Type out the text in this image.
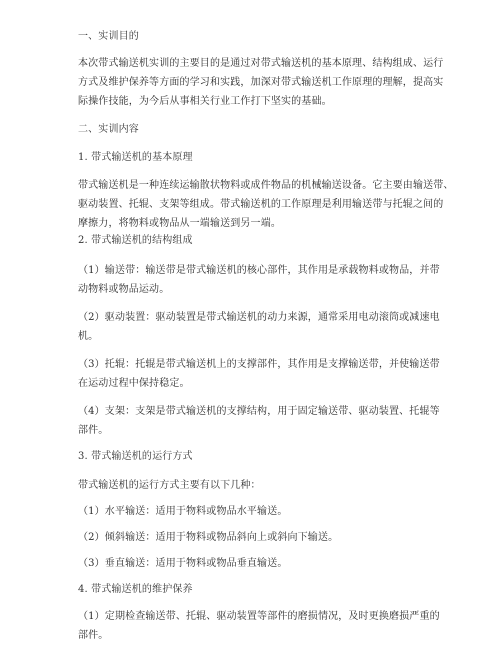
一、实训目的

本次带式输送机实训的主要目的是通过对带式输送机的基本原理、结构组成、运行

方式及维护保养等方面的学习和实践，加深对带式输送机工作原理的理解，提高实

际操作技能，为今后从事相关行业工作打下坚实的基础。

二、实训内容

1. 带式输送机的基本原理

带式输送机是一种连续运输散状物料或成件物品的机械输送设备。它主要由输送带、

驱动装置、托辊、支架等组成。带式输送机的工作原理是利用输送带与托辊之间的

摩擦力，将物料或物品从一端输送到另一端。

2. 带式输送机的结构组成

（1）输送带：输送带是带式输送机的核心部件，其作用是承载物料或物品，并带

动物料或物品运动。

（2）驱动装置：驱动装置是带式输送机的动力来源，通常采用电动滚筒或减速电

机。

（3）托辊：托辊是带式输送机上的支撑部件，其作用是支撑输送带，并使输送带

在运动过程中保持稳定。

（4）支架：支架是带式输送机的支撑结构，用于固定输送带、驱动装置、托辊等

部件。

3. 带式输送机的运行方式

带式输送机的运行方式主要有以下几种：

（1）水平输送：适用于物料或物品水平输送。

（2）倾斜输送：适用于物料或物品斜向上或斜向下输送。

（3）垂直输送：适用于物料或物品垂直输送。

4. 带式输送机的维护保养

（1）定期检查输送带、托辊、驱动装置等部件的磨损情况，及时更换磨损严重的

部件。
